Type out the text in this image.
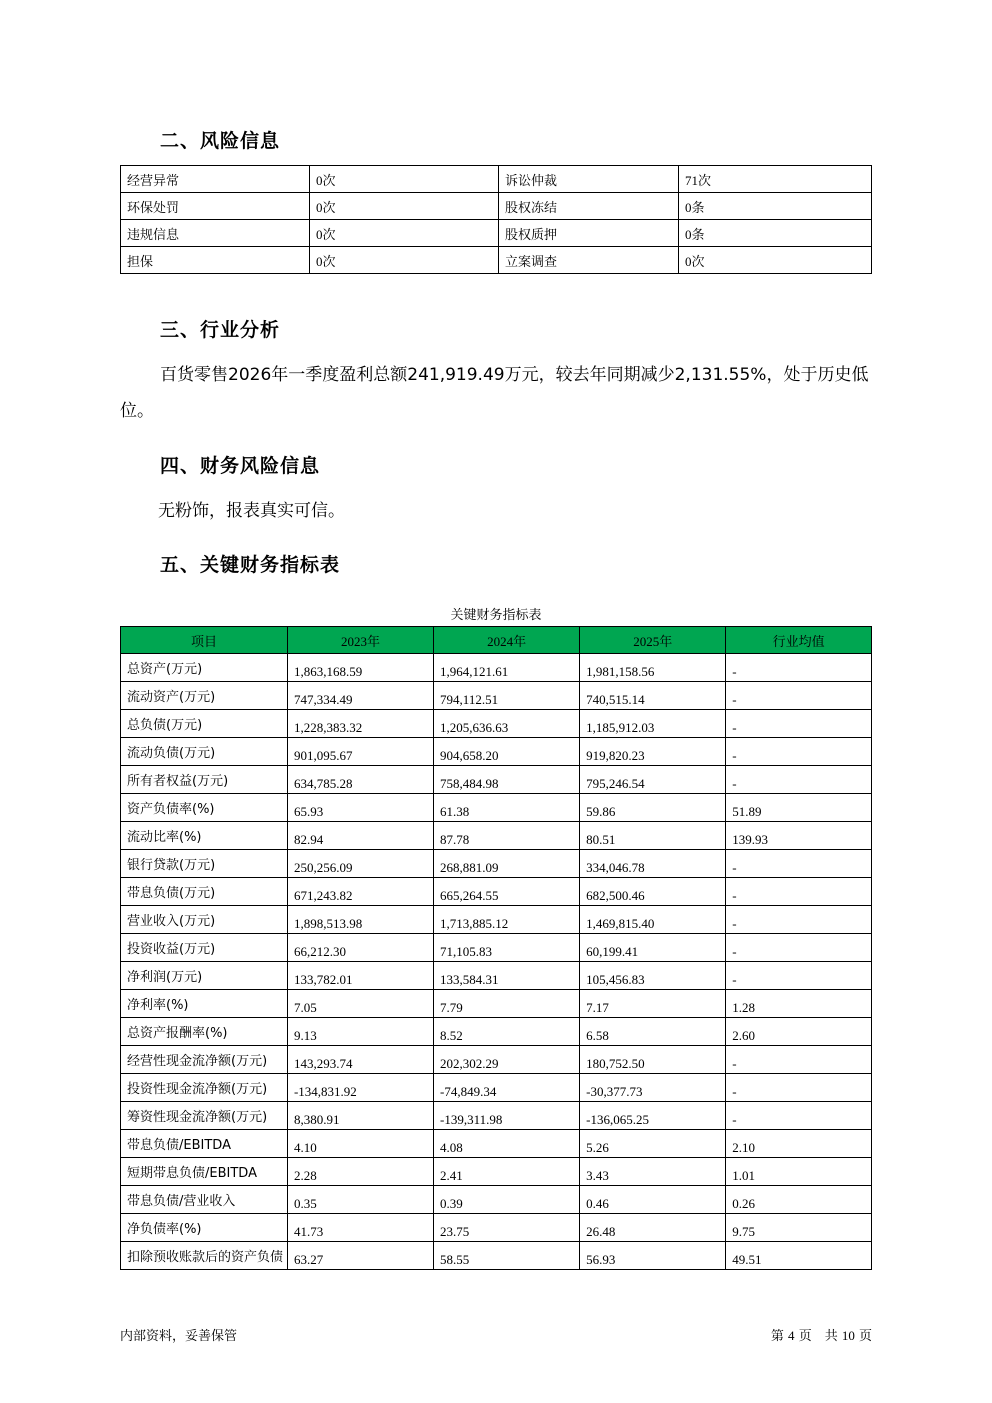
二、风险信息
经营异常	0次	诉讼仲裁	71次
环保处罚	0次	股权冻结	0条
违规信息	0次	股权质押	0条
担保	0次	立案调查	0次
三、行业分析
百货零售2026年一季度盈利总额241,919.49万元，较去年同期减少2,131.55%，处于历史低位。
四、财务风险信息
无粉饰，报表真实可信。
五、关键财务指标表
关键财务指标表
项目	2023年	2024年	2025年	行业均值
总资产(万元)	1,863,168.59	1,964,121.61	1,981,158.56	-
流动资产(万元)	747,334.49	794,112.51	740,515.14	-
总负债(万元)	1,228,383.32	1,205,636.63	1,185,912.03	-
流动负债(万元)	901,095.67	904,658.20	919,820.23	-
所有者权益(万元)	634,785.28	758,484.98	795,246.54	-
资产负债率(%)	65.93	61.38	59.86	51.89
流动比率(%)	82.94	87.78	80.51	139.93
银行贷款(万元)	250,256.09	268,881.09	334,046.78	-
带息负债(万元)	671,243.82	665,264.55	682,500.46	-
营业收入(万元)	1,898,513.98	1,713,885.12	1,469,815.40	-
投资收益(万元)	66,212.30	71,105.83	60,199.41	-
净利润(万元)	133,782.01	133,584.31	105,456.83	-
净利率(%)	7.05	7.79	7.17	1.28
总资产报酬率(%)	9.13	8.52	6.58	2.60
经营性现金流净额(万元)	143,293.74	202,302.29	180,752.50	-
投资性现金流净额(万元)	-134,831.92	-74,849.34	-30,377.73	-
筹资性现金流净额(万元)	8,380.91	-139,311.98	-136,065.25	-
带息负债/EBITDA	4.10	4.08	5.26	2.10
短期带息负债/EBITDA	2.28	2.41	3.43	1.01
带息负债/营业收入	0.35	0.39	0.46	0.26
净负债率(%)	41.73	23.75	26.48	9.75
扣除预收账款后的资产负债	63.27	58.55	56.93	49.51
内部资料，妥善保管	第 4 页　共 10 页
